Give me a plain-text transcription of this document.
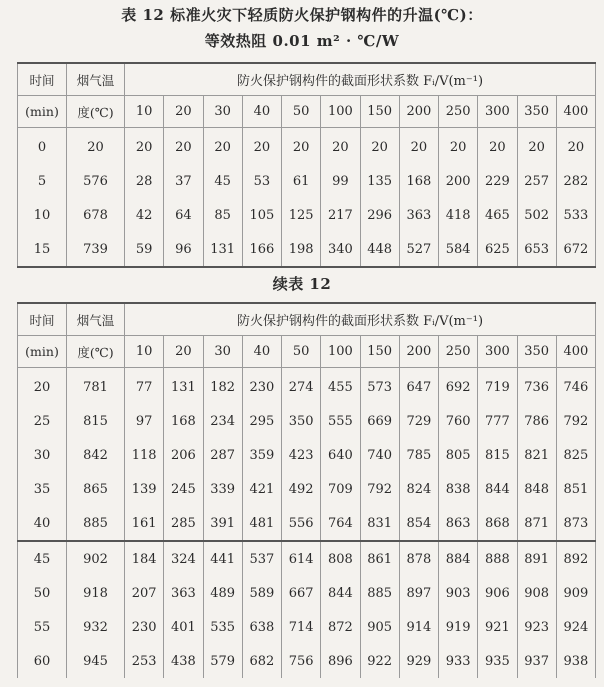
表 12 标准火灾下轻质防火保护钢构件的升温(℃)：
等效热阻 0.01 m² · ℃/W
时间	烟气温	防火保护钢构件的截面形状系数 Fᵢ/V(m⁻¹)											
(min)	度(℃)	10	20	30	40	50	100	150	200	250	300	350	400
0	20	20	20	20	20	20	20	20	20	20	20	20	20
5	576	28	37	45	53	61	99	135	168	200	229	257	282
10	678	42	64	85	105	125	217	296	363	418	465	502	533
15	739	59	96	131	166	198	340	448	527	584	625	653	672
续表 12
时间	烟气温	防火保护钢构件的截面形状系数 Fᵢ/V(m⁻¹)											
(min)	度(℃)	10	20	30	40	50	100	150	200	250	300	350	400
20	781	77	131	182	230	274	455	573	647	692	719	736	746
25	815	97	168	234	295	350	555	669	729	760	777	786	792
30	842	118	206	287	359	423	640	740	785	805	815	821	825
35	865	139	245	339	421	492	709	792	824	838	844	848	851
40	885	161	285	391	481	556	764	831	854	863	868	871	873
45	902	184	324	441	537	614	808	861	878	884	888	891	892
50	918	207	363	489	589	667	844	885	897	903	906	908	909
55	932	230	401	535	638	714	872	905	914	919	921	923	924
60	945	253	438	579	682	756	896	922	929	933	935	937	938
